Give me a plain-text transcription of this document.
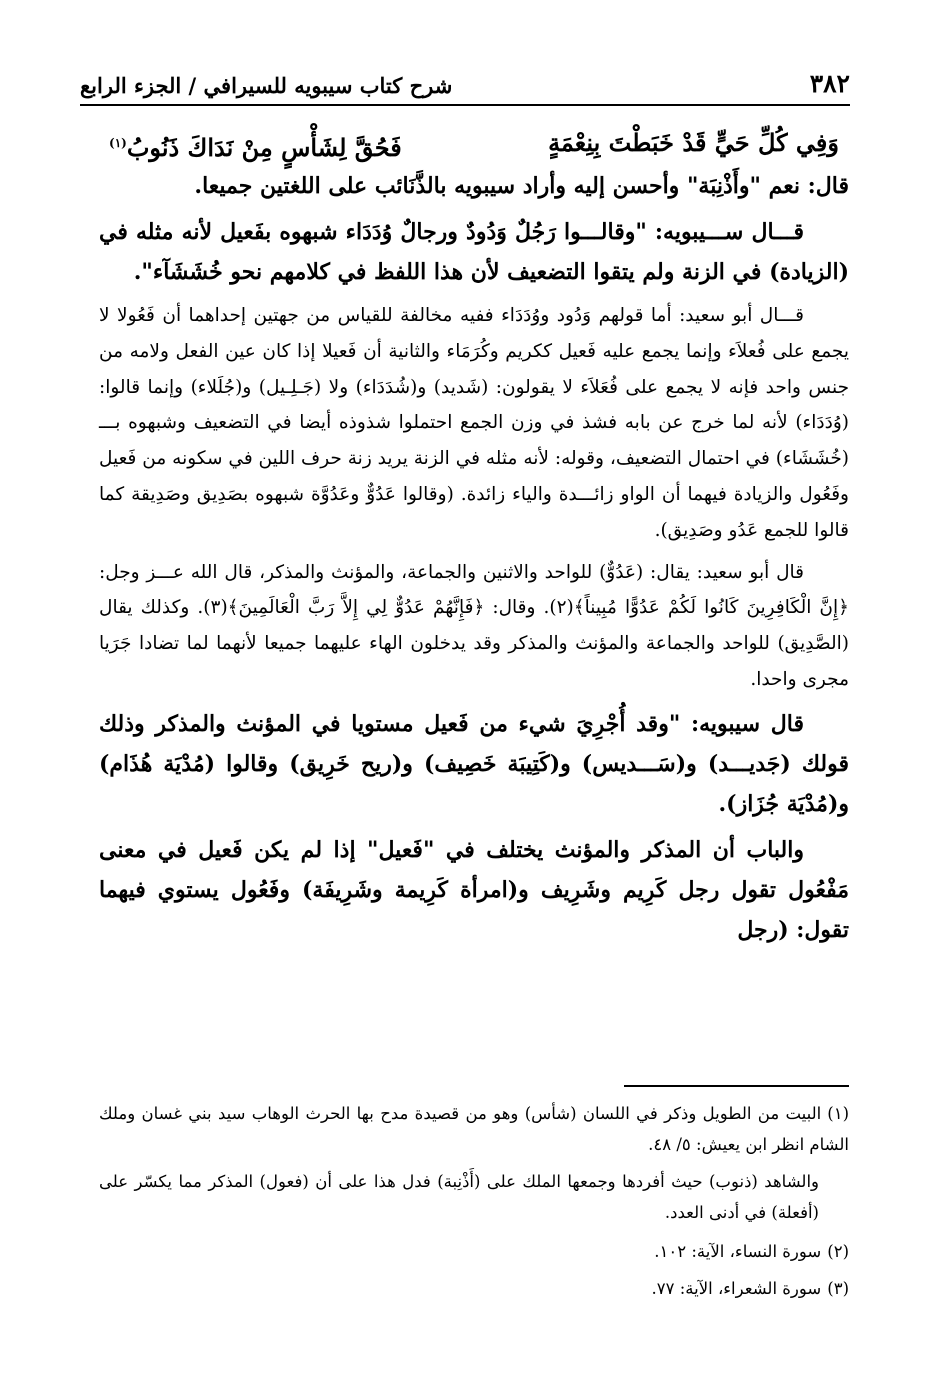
٣٨٢
شرح كتاب سيبويه للسيرافي / الجزء الرابع
وَفِي كُلِّ حَيٍّ قَدْ خَبَطْتَ بِنِعْمَةٍ
فَحُقَّ لِشَأْسٍ مِنْ نَدَاكَ ذَنُوبُ$^{(١)}$

قال: نعم "وأَذْنِبَة" وأحسن إليه وأراد سيبويه بالذَّنَائب على اللغتين جميعا.

قـــال ســـيبويه: "وقالـــوا رَجُلٌ وَدُودٌ ورجالٌ وُدَدَاء شبهوه بفَعيل لأنه مثله في (الزيادة) في الزنة ولم يتقوا التضعيف لأن هذا اللفظ في كلامهم نحو خُشَشَآء".

قـــال أبو سعيد: أما قولهم وَدُود ووُدَدَاء ففيه مخالفة للقياس من جهتين إحداهما أن فَعُولا لا يجمع على فُعلاَء وإنما يجمع عليه فَعيل ككريم وكُرَمَاء والثانية أن فَعيلا إذا كان عين الفعل ولامه من جنس واحد فإنه لا يجمع على فُعَلاَء لا يقولون: (شَديد) و(شُدَدَاء) ولا (جَـلِـيل) و(جُلَلاء) وإنما قالوا: (وُدَدَاء) لأنه لما خرج عن بابه فشذ في وزن الجمع احتملوا شذوذه أيضا في التضعيف وشبهوه بـــ (خُشَشَاء) في احتمال التضعيف، وقوله: لأنه مثله في الزنة يريد زنة حرف اللين في سكونه من فَعيل وفَعُول والزيادة فيهما أن الواو زائـــدة والياء زائدة. (وقالوا عَدُوٌّ وعَدُوَّة شبهوه بصَدِيق وصَدِيقة كما قالوا للجمع عَدُو وصَدِيق).

قال أبو سعيد: يقال: (عَدُوٌّ) للواحد والاثنين والجماعة، والمؤنث والمذكر، قال الله عـــز وجل: ﴿إِنَّ الْكَافِرِينَ كَانُوا لَكُمْ عَدُوًّا مُبِيناً﴾(٢). وقال: ﴿فَإِنَّهُمْ عَدُوٌّ لِي إِلاَّ رَبَّ الْعَالَمِينَ﴾(٣). وكذلك يقال (الصَّدِيق) للواحد والجماعة والمؤنث والمذكر وقد يدخلون الهاء عليهما جميعا لأنهما لما تضادا جَرَيا مجرى واحدا.

قال سيبويه: "وقد أُجْرِيَ شيء من فَعيل مستويا في المؤنث والمذكر وذلك قولك (جَديـــد) و(سَـــديس) و(كَتِيبَة خَصِيف) و(ريح خَرِيق) وقالوا (مُدْيَة هُذَام) و(مُدْيَة جُزَاز).

والباب أن المذكر والمؤنث يختلف في "فَعيل" إذا لم يكن فَعيل في معنى مَفْعُول تقول رجل كَرِيم وشَرِيف و(امرأة كَرِيمة وشَرِيفَة) وفَعُول يستوي فيهما تقول: (رجل

(١)البيت من الطويل وذكر في اللسان (شأس) وهو من قصيدة مدح بها الحرث الوهاب سيد بني غسان وملك الشام انظر ابن يعيش: ٥/ ٤٨.

والشاهد (ذنوب) حيث أفردها وجمعها الملك على (أَذْنِبة) فدل هذا على أن (فعول) المذكر مما يكسّر على (أفعلة) في أدنى العدد.

(٢)سورة النساء، الآية: ١٠٢.

(٣)سورة الشعراء، الآية: ٧٧.
